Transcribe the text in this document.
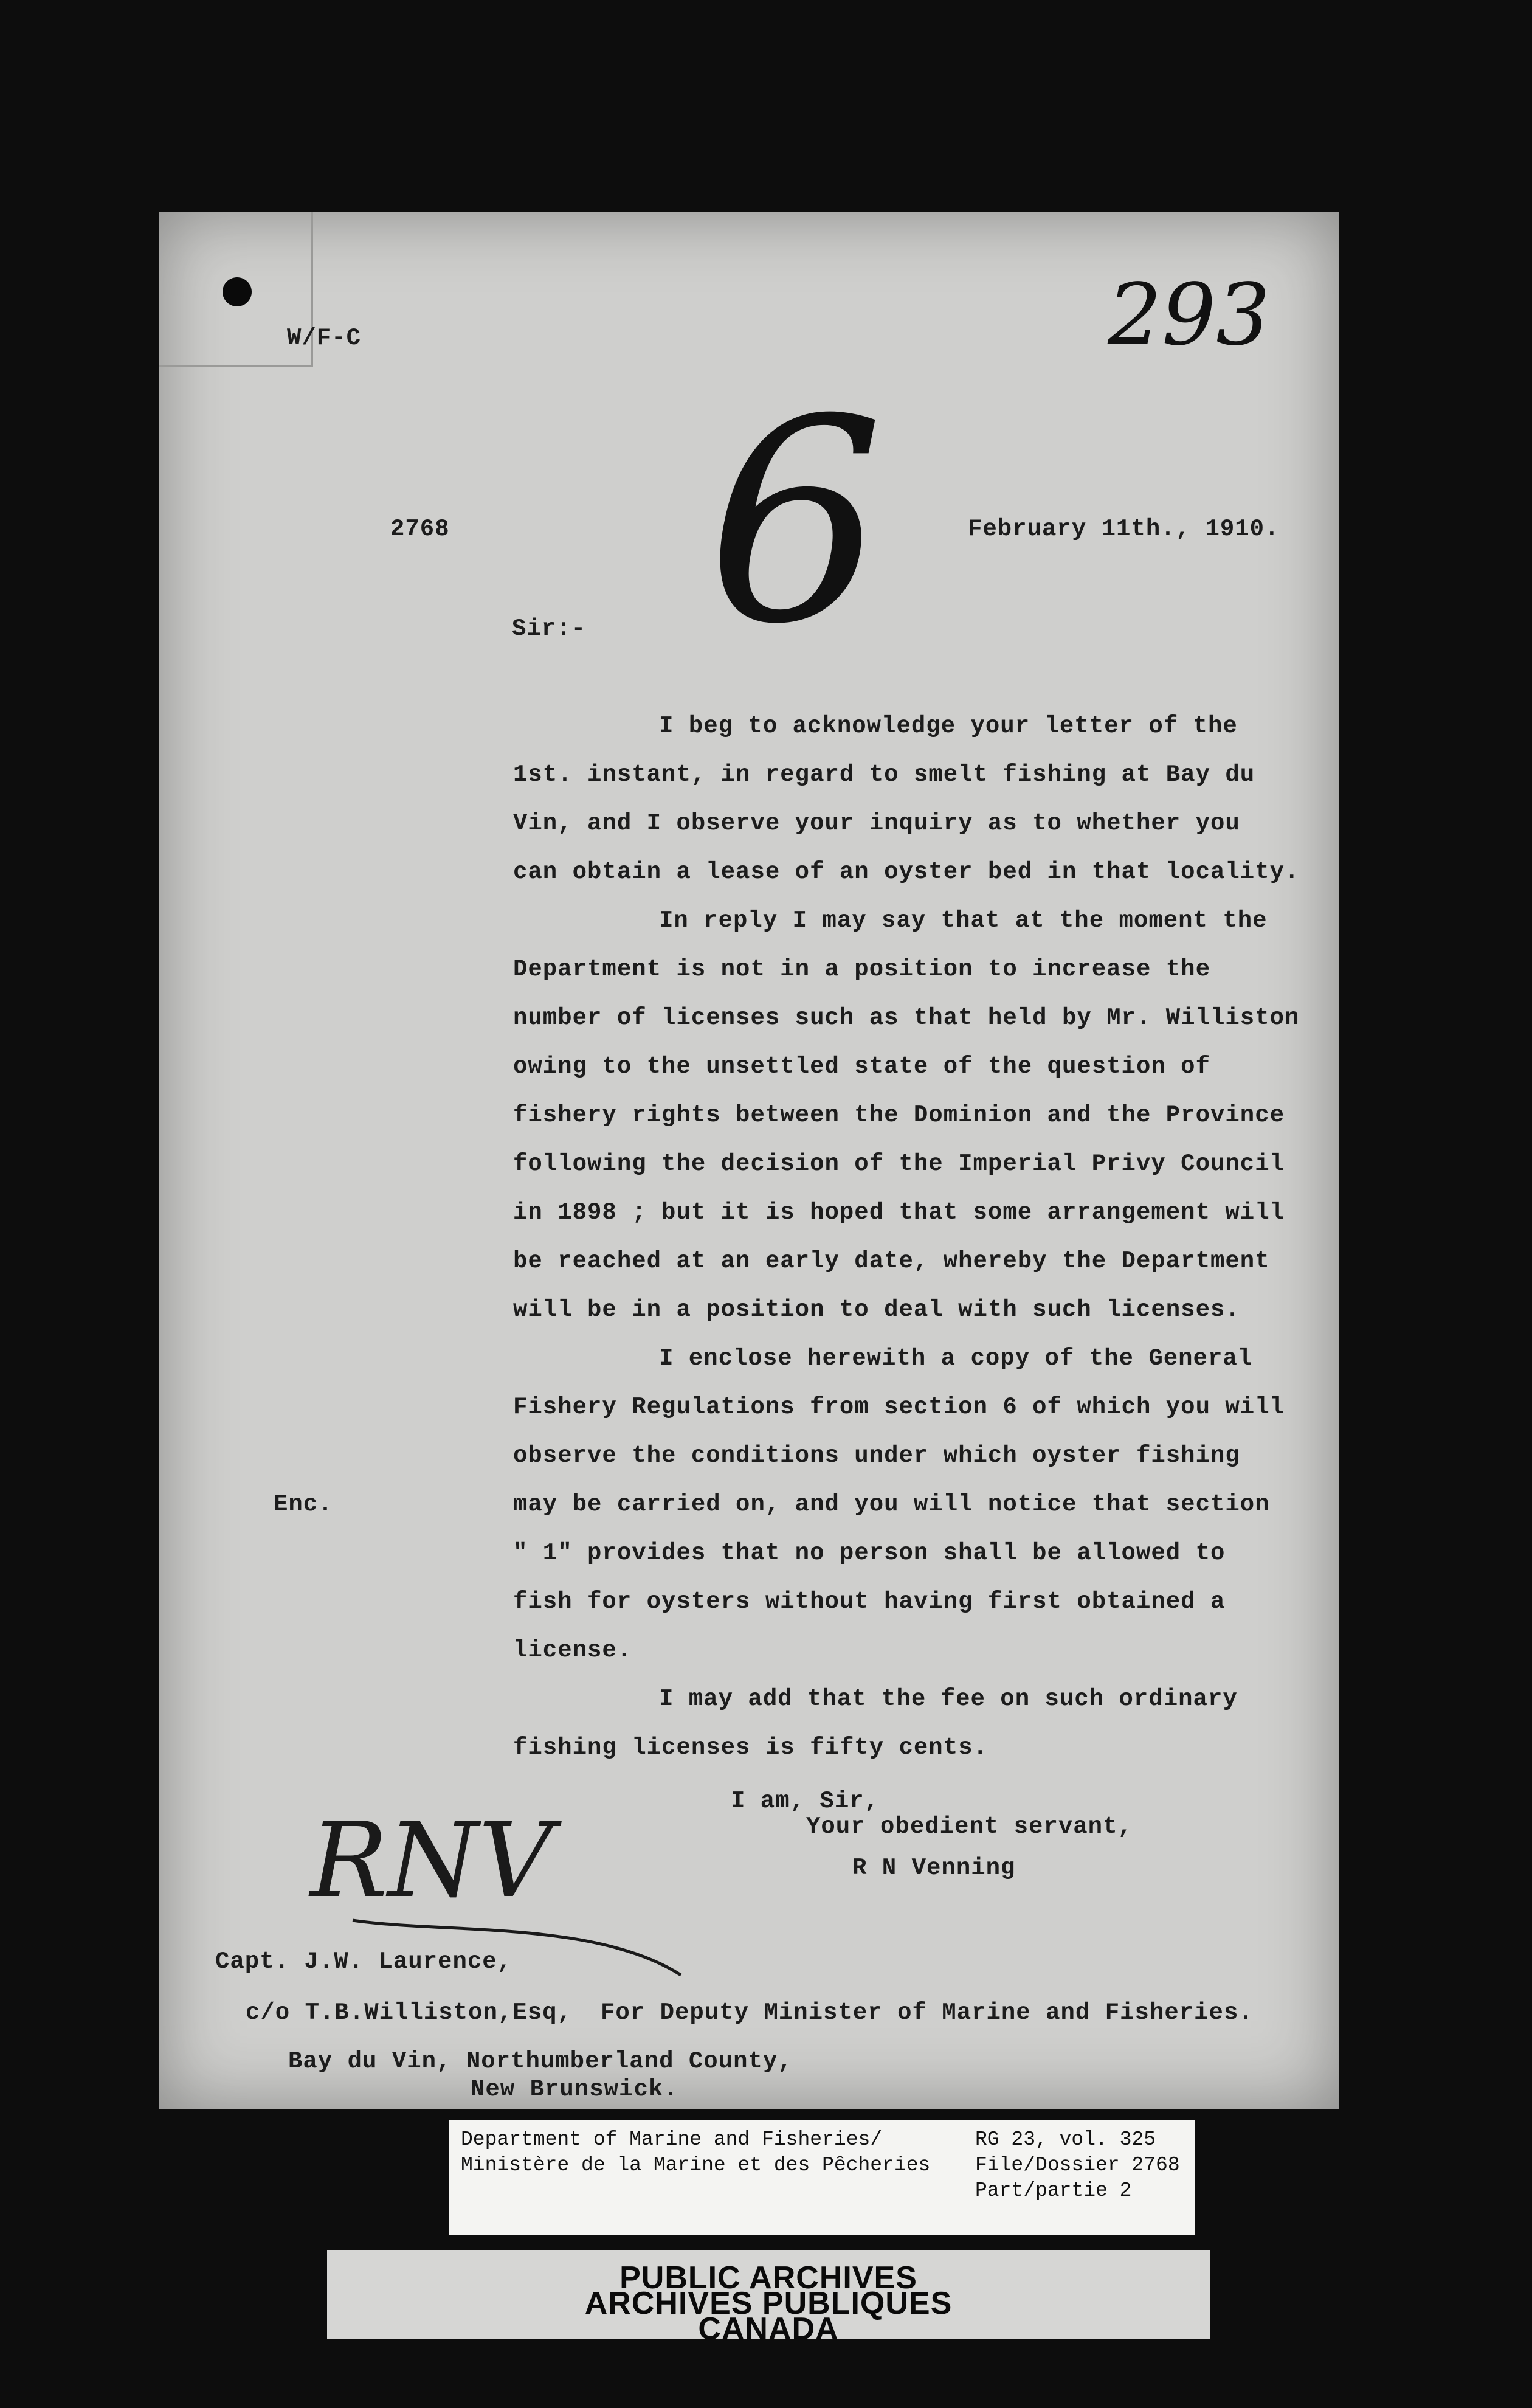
W/F-C	293
6
2768	February 11th., 1910.
Sir:-
I beg to acknowledge your letter of the
1st. instant, in regard to smelt fishing at Bay du
Vin, and I observe your inquiry as to whether you
can obtain a lease of an oyster bed in that locality.
In reply I may say that at the moment the
Department is not in a position to increase the
number of licenses such as that held by Mr. Williston
owing to the unsettled state of the question of
fishery rights between the Dominion and the Province
following the decision of the Imperial Privy Council
in 1898 ; but it is hoped that some arrangement will
be reached at an early date, whereby the Department
will be in a position to deal with such licenses.
I enclose herewith a copy of the General
Fishery Regulations from section 6 of which you will
observe the conditions under which oyster fishing
may be carried on, and you will notice that section
" 1" provides that no person shall be allowed to
fish for oysters without having first obtained a
license.
I may add that the fee on such ordinary
fishing licenses is fifty cents.
Enc.
I am, Sir,
Your obedient servant,
R N Venning
RNV
Capt. J.W. Laurence,
c/o T.B.Williston,Esq, For Deputy Minister of Marine and Fisheries.
Bay du Vin, Northumberland County,
New Brunswick.
Department of Marine and Fisheries/
Ministère de la Marine et des Pêcheries
RG 23, vol. 325
File/Dossier 2768
Part/partie 2
PUBLIC ARCHIVES
ARCHIVES PUBLIQUES
CANADA
